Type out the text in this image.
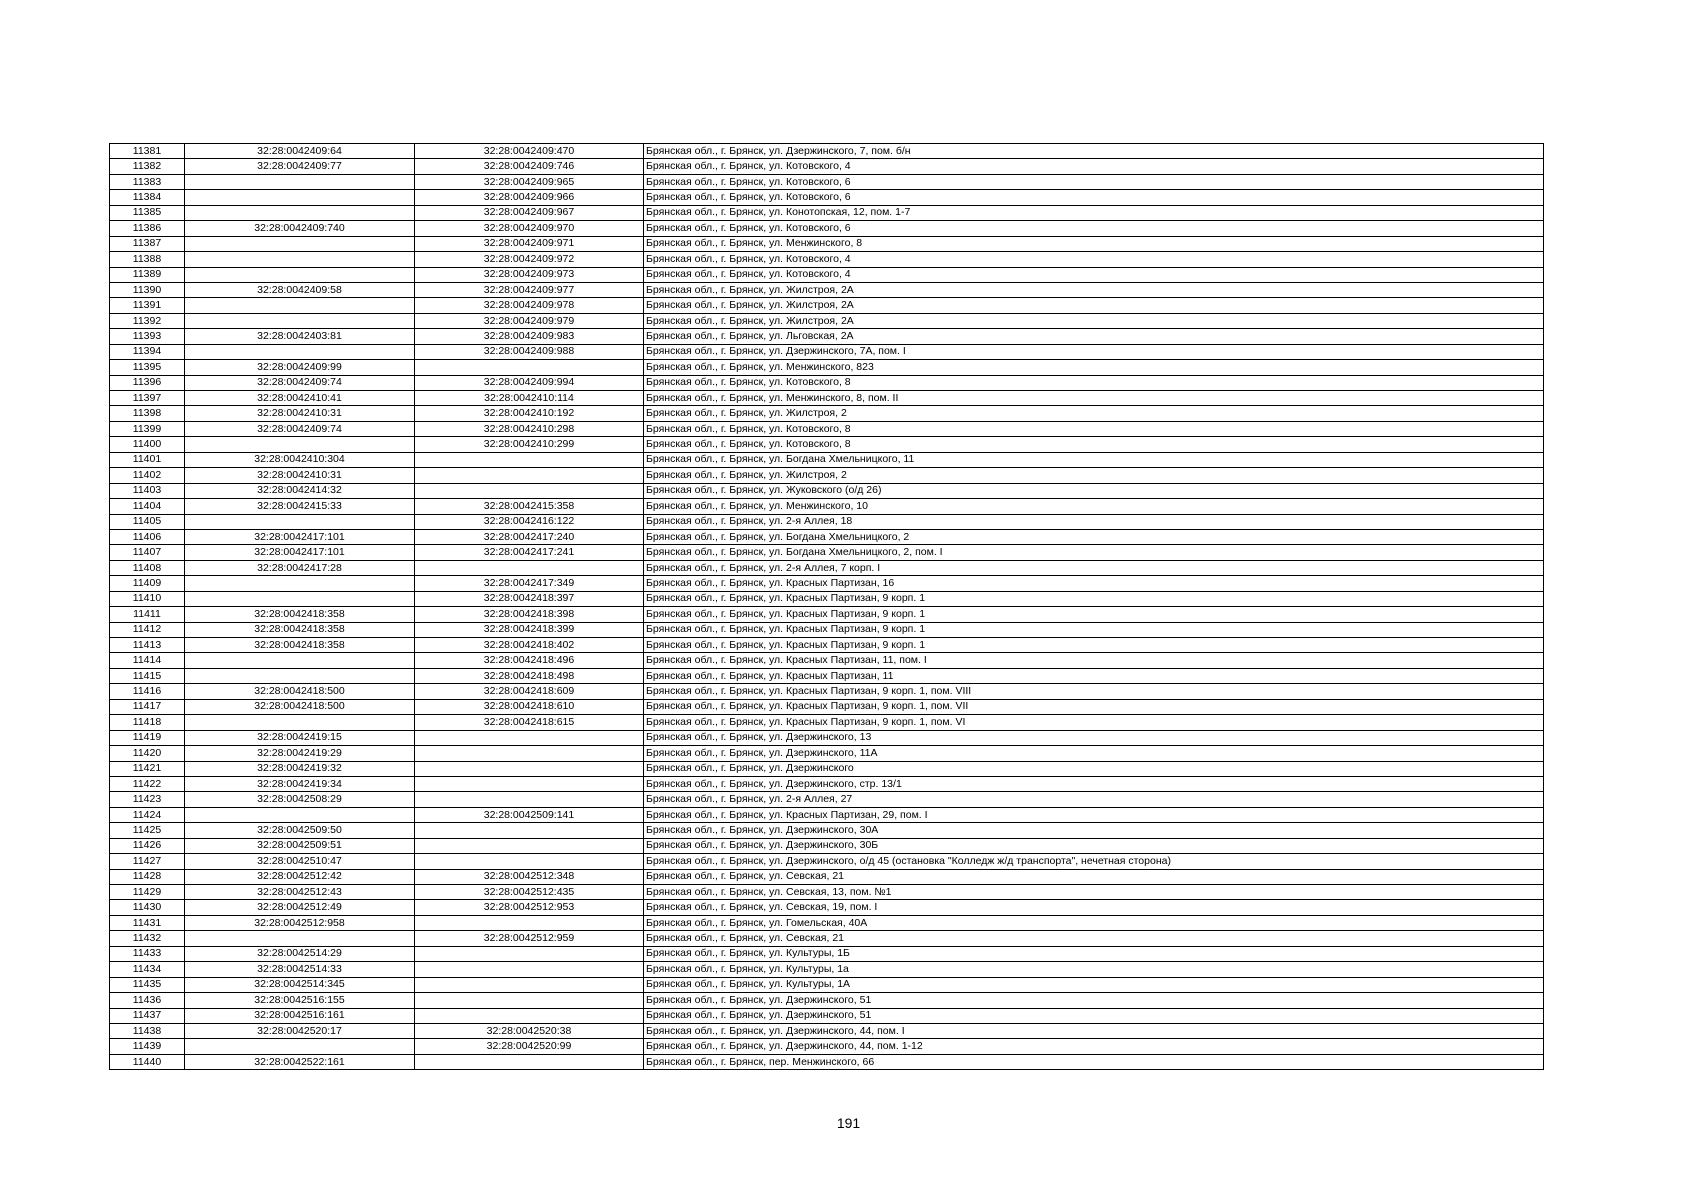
11381	32:28:0042409:64	32:28:0042409:470	Брянская обл., г. Брянск, ул. Дзержинского, 7, пом. б/н
11382	32:28:0042409:77	32:28:0042409:746	Брянская обл., г. Брянск, ул. Котовского, 4
11383		32:28:0042409:965	Брянская обл., г. Брянск, ул. Котовского, 6
11384		32:28:0042409:966	Брянская обл., г. Брянск, ул. Котовского, 6
11385		32:28:0042409:967	Брянская обл., г. Брянск, ул. Конотопская, 12, пом. 1-7
11386	32:28:0042409:740	32:28:0042409:970	Брянская обл., г. Брянск, ул. Котовского, 6
11387		32:28:0042409:971	Брянская обл., г. Брянск, ул. Менжинского, 8
11388		32:28:0042409:972	Брянская обл., г. Брянск, ул. Котовского, 4
11389		32:28:0042409:973	Брянская обл., г. Брянск, ул. Котовского, 4
11390	32:28:0042409:58	32:28:0042409:977	Брянская обл., г. Брянск, ул. Жилстроя, 2А
11391		32:28:0042409:978	Брянская обл., г. Брянск, ул. Жилстроя, 2А
11392		32:28:0042409:979	Брянская обл., г. Брянск, ул. Жилстроя, 2А
11393	32:28:0042403:81	32:28:0042409:983	Брянская обл., г. Брянск, ул. Льговская, 2А
11394		32:28:0042409:988	Брянская обл., г. Брянск, ул. Дзержинского, 7А, пом. I
11395	32:28:0042409:99		Брянская обл., г. Брянск, ул. Менжинского, 823
11396	32:28:0042409:74	32:28:0042409:994	Брянская обл., г. Брянск, ул. Котовского, 8
11397	32:28:0042410:41	32:28:0042410:114	Брянская обл., г. Брянск, ул. Менжинского, 8, пом. II
11398	32:28:0042410:31	32:28:0042410:192	Брянская обл., г. Брянск, ул. Жилстроя, 2
11399	32:28:0042409:74	32:28:0042410:298	Брянская обл., г. Брянск, ул. Котовского, 8
11400		32:28:0042410:299	Брянская обл., г. Брянск, ул. Котовского, 8
11401	32:28:0042410:304		Брянская обл., г. Брянск, ул. Богдана Хмельницкого, 11
11402	32:28:0042410:31		Брянская обл., г. Брянск, ул. Жилстроя, 2
11403	32:28:0042414:32		Брянская обл., г. Брянск, ул. Жуковского (о/д 26)
11404	32:28:0042415:33	32:28:0042415:358	Брянская обл., г. Брянск, ул. Менжинского, 10
11405		32:28:0042416:122	Брянская обл., г. Брянск, ул. 2-я Аллея, 18
11406	32:28:0042417:101	32:28:0042417:240	Брянская обл., г. Брянск, ул. Богдана Хмельницкого, 2
11407	32:28:0042417:101	32:28:0042417:241	Брянская обл., г. Брянск, ул. Богдана Хмельницкого, 2, пом. I
11408	32:28:0042417:28		Брянская обл., г. Брянск, ул. 2-я Аллея, 7 корп. I
11409		32:28:0042417:349	Брянская обл., г. Брянск, ул. Красных Партизан, 16
11410		32:28:0042418:397	Брянская обл., г. Брянск, ул. Красных Партизан, 9 корп. 1
11411	32:28:0042418:358	32:28:0042418:398	Брянская обл., г. Брянск, ул. Красных Партизан, 9 корп. 1
11412	32:28:0042418:358	32:28:0042418:399	Брянская обл., г. Брянск, ул. Красных Партизан, 9 корп. 1
11413	32:28:0042418:358	32:28:0042418:402	Брянская обл., г. Брянск, ул. Красных Партизан, 9 корп. 1
11414		32:28:0042418:496	Брянская обл., г. Брянск, ул. Красных Партизан, 11, пом. I
11415		32:28:0042418:498	Брянская обл., г. Брянск, ул. Красных Партизан, 11
11416	32:28:0042418:500	32:28:0042418:609	Брянская обл., г. Брянск, ул. Красных Партизан, 9 корп. 1, пом. VIII
11417	32:28:0042418:500	32:28:0042418:610	Брянская обл., г. Брянск, ул. Красных Партизан, 9 корп. 1, пом. VII
11418		32:28:0042418:615	Брянская обл., г. Брянск, ул. Красных Партизан, 9 корп. 1, пом. VI
11419	32:28:0042419:15		Брянская обл., г. Брянск, ул. Дзержинского, 13
11420	32:28:0042419:29		Брянская обл., г. Брянск, ул. Дзержинского, 11А
11421	32:28:0042419:32		Брянская обл., г. Брянск, ул. Дзержинского
11422	32:28:0042419:34		Брянская обл., г. Брянск, ул. Дзержинского, стр. 13/1
11423	32:28:0042508:29		Брянская обл., г. Брянск, ул. 2-я Аллея, 27
11424		32:28:0042509:141	Брянская обл., г. Брянск, ул. Красных Партизан, 29, пом. I
11425	32:28:0042509:50		Брянская обл., г. Брянск, ул. Дзержинского, 30А
11426	32:28:0042509:51		Брянская обл., г. Брянск, ул. Дзержинского, 30Б
11427	32:28:0042510:47		Брянская обл., г. Брянск, ул. Дзержинского, о/д 45 (остановка "Колледж ж/д транспорта", нечетная сторона)
11428	32:28:0042512:42	32:28:0042512:348	Брянская обл., г. Брянск, ул. Севская, 21
11429	32:28:0042512:43	32:28:0042512:435	Брянская обл., г. Брянск, ул. Севская, 13, пом. №1
11430	32:28:0042512:49	32:28:0042512:953	Брянская обл., г. Брянск, ул. Севская, 19, пом. I
11431	32:28:0042512:958		Брянская обл., г. Брянск, ул. Гомельская, 40А
11432		32:28:0042512:959	Брянская обл., г. Брянск, ул. Севская, 21
11433	32:28:0042514:29		Брянская обл., г. Брянск, ул. Культуры, 1Б
11434	32:28:0042514:33		Брянская обл., г. Брянск, ул. Культуры, 1а
11435	32:28:0042514:345		Брянская обл., г. Брянск, ул. Культуры, 1А
11436	32:28:0042516:155		Брянская обл., г. Брянск, ул. Дзержинского, 51
11437	32:28:0042516:161		Брянская обл., г. Брянск, ул. Дзержинского, 51
11438	32:28:0042520:17	32:28:0042520:38	Брянская обл., г. Брянск, ул. Дзержинского, 44, пом. I
11439		32:28:0042520:99	Брянская обл., г. Брянск, ул. Дзержинского, 44, пом. 1-12
11440	32:28:0042522:161		Брянская обл., г. Брянск, пер. Менжинского, 66
191
